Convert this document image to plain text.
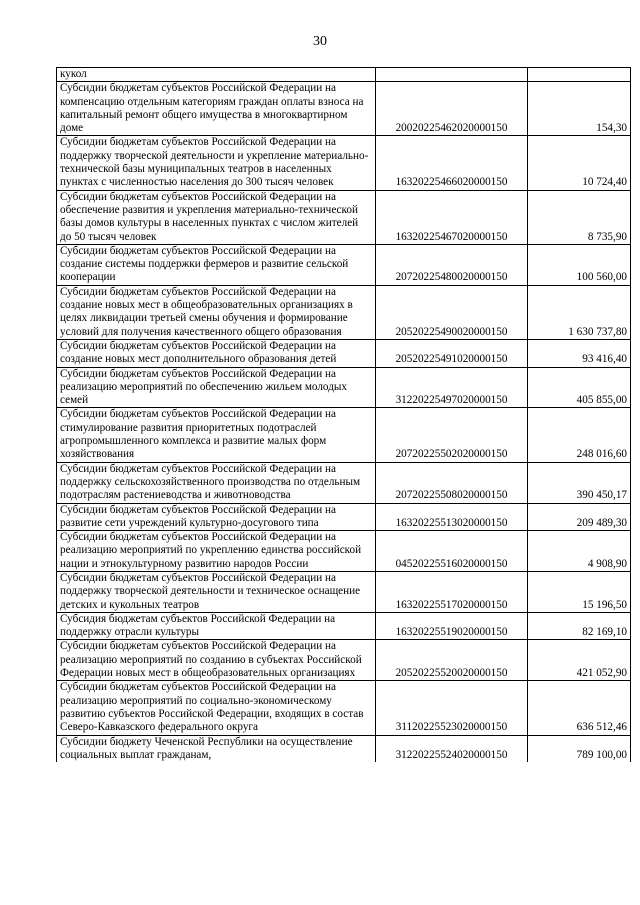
30
кукол		
Субсидии бюджетам субъектов Российской Федерации на компенсацию отдельным категориям граждан оплаты взноса на капитальный ремонт общего имущества в многоквартирном доме	20020225462020000150	154,30
Субсидии бюджетам субъектов Российской Федерации на поддержку творческой деятельности и укрепление материально-технической базы муниципальных театров в населенных пунктах с численностью населения до 300 тысяч человек	16320225466020000150	10 724,40
Субсидии бюджетам субъектов Российской Федерации на обеспечение развития и укрепления материально-технической базы домов культуры в населенных пунктах с числом жителей до 50 тысяч человек	16320225467020000150	8 735,90
Субсидии бюджетам субъектов Российской Федерации на создание системы поддержки фермеров и развитие сельской кооперации	20720225480020000150	100 560,00
Субсидии бюджетам субъектов Российской Федерации на создание новых мест в общеобразовательных организациях в целях ликвидации третьей смены обучения и формирование условий для получения качественного общего образования	20520225490020000150	1 630 737,80
Субсидии бюджетам субъектов Российской Федерации на создание новых мест дополнительного образования детей	20520225491020000150	93 416,40
Субсидии бюджетам субъектов Российской Федерации на реализацию мероприятий по обеспечению жильем молодых семей	31220225497020000150	405 855,00
Субсидии бюджетам субъектов Российской Федерации на стимулирование развития приоритетных подотраслей агропромышленного комплекса и развитие малых форм хозяйствования	20720225502020000150	248 016,60
Субсидии бюджетам субъектов Российской Федерации на поддержку сельскохозяйственного производства по отдельным подотраслям растениеводства и животноводства	20720225508020000150	390 450,17
Субсидии бюджетам субъектов Российской Федерации на развитие сети учреждений культурно-досугового типа	16320225513020000150	209 489,30
Субсидии бюджетам субъектов Российской Федерации на реализацию мероприятий по укреплению единства российской нации и этнокультурному развитию народов России	04520225516020000150	4 908,90
Субсидии бюджетам субъектов Российской Федерации на поддержку творческой деятельности и техническое оснащение детских и кукольных театров	16320225517020000150	15 196,50
Субсидия бюджетам субъектов Российской Федерации на поддержку отрасли культуры	16320225519020000150	82 169,10
Субсидии бюджетам субъектов Российской Федерации на реализацию мероприятий по созданию в субъектах Российской Федерации новых мест в общеобразовательных организациях	20520225520020000150	421 052,90
Субсидии бюджетам субъектов Российской Федерации на реализацию мероприятий по социально-экономическому развитию субъектов Российской Федерации, входящих в состав Северо-Кавказского федерального округа	31120225523020000150	636 512,46
Субсидии бюджету Чеченской Республики на осуществление социальных выплат гражданам,	31220225524020000150	789 100,00
